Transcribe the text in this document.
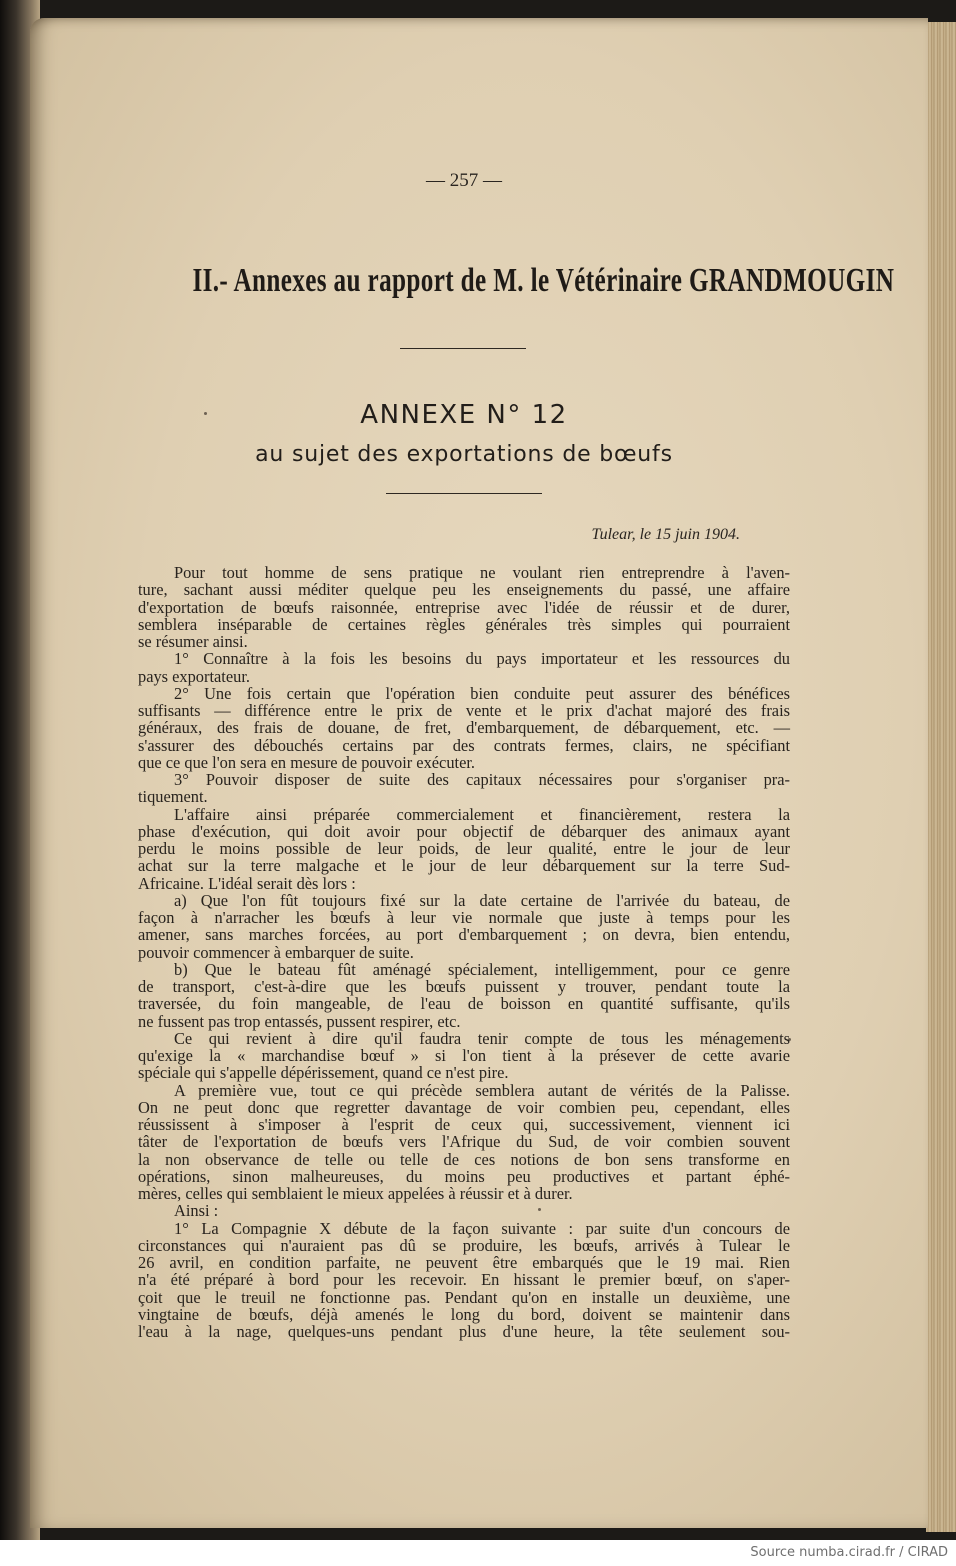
— 257 —
II.- Annexes au rapport de M. le Vétérinaire GRANDMOUGIN
ANNEXE N° 12
au sujet des exportations de bœufs
Tulear, le 15 juin 1904.
Pour tout homme de sens pratique ne voulant rien entreprendre à l'aven-
ture, sachant aussi méditer quelque peu les enseignements du passé, une affaire
d'exportation de bœufs raisonnée, entreprise avec l'idée de réussir et de durer,
semblera inséparable de certaines règles générales très simples qui pourraient
se résumer ainsi.
1° Connaître à la fois les besoins du pays importateur et les ressources du
pays exportateur.
2° Une fois certain que l'opération bien conduite peut assurer des bénéfices
suffisants — différence entre le prix de vente et le prix d'achat majoré des frais
généraux, des frais de douane, de fret, d'embarquement, de débarquement, etc. —
s'assurer des débouchés certains par des contrats fermes, clairs, ne spécifiant
que ce que l'on sera en mesure de pouvoir exécuter.
3° Pouvoir disposer de suite des capitaux nécessaires pour s'organiser pra-
tiquement.
L'affaire ainsi préparée commercialement et financièrement, restera la
phase d'exécution, qui doit avoir pour objectif de débarquer des animaux ayant
perdu le moins possible de leur poids, de leur qualité, entre le jour de leur
achat sur la terre malgache et le jour de leur débarquement sur la terre Sud-
Africaine. L'idéal serait dès lors :
a) Que l'on fût toujours fixé sur la date certaine de l'arrivée du bateau, de
façon à n'arracher les bœufs à leur vie normale que juste à temps pour les
amener, sans marches forcées, au port d'embarquement ; on devra, bien entendu,
pouvoir commencer à embarquer de suite.
b) Que le bateau fût aménagé spécialement, intelligemment, pour ce genre
de transport, c'est-à-dire que les bœufs puissent y trouver, pendant toute la
traversée, du foin mangeable, de l'eau de boisson en quantité suffisante, qu'ils
ne fussent pas trop entassés, pussent respirer, etc.
Ce qui revient à dire qu'il faudra tenir compte de tous les ménagements
qu'exige la « marchandise bœuf » si l'on tient à la présever de cette avarie
spéciale qui s'appelle dépérissement, quand ce n'est pire.
A première vue, tout ce qui précède semblera autant de vérités de la Palisse.
On ne peut donc que regretter davantage de voir combien peu, cependant, elles
réussissent à s'imposer à l'esprit de ceux qui, successivement, viennent ici
tâter de l'exportation de bœufs vers l'Afrique du Sud, de voir combien souvent
la non observance de telle ou telle de ces notions de bon sens transforme en
opérations, sinon malheureuses, du moins peu productives et partant éphé-
mères, celles qui semblaient le mieux appelées à réussir et à durer.
Ainsi :
1° La Compagnie X débute de la façon suivante : par suite d'un concours de
circonstances qui n'auraient pas dû se produire, les bœufs, arrivés à Tulear le
26 avril, en condition parfaite, ne peuvent être embarqués que le 19 mai. Rien
n'a été préparé à bord pour les recevoir. En hissant le premier bœuf, on s'aper-
çoit que le treuil ne fonctionne pas. Pendant qu'on en installe un deuxième, une
vingtaine de bœufs, déjà amenés le long du bord, doivent se maintenir dans
l'eau à la nage, quelques-uns pendant plus d'une heure, la tête seulement sou-
Source numba.cirad.fr / CIRAD
